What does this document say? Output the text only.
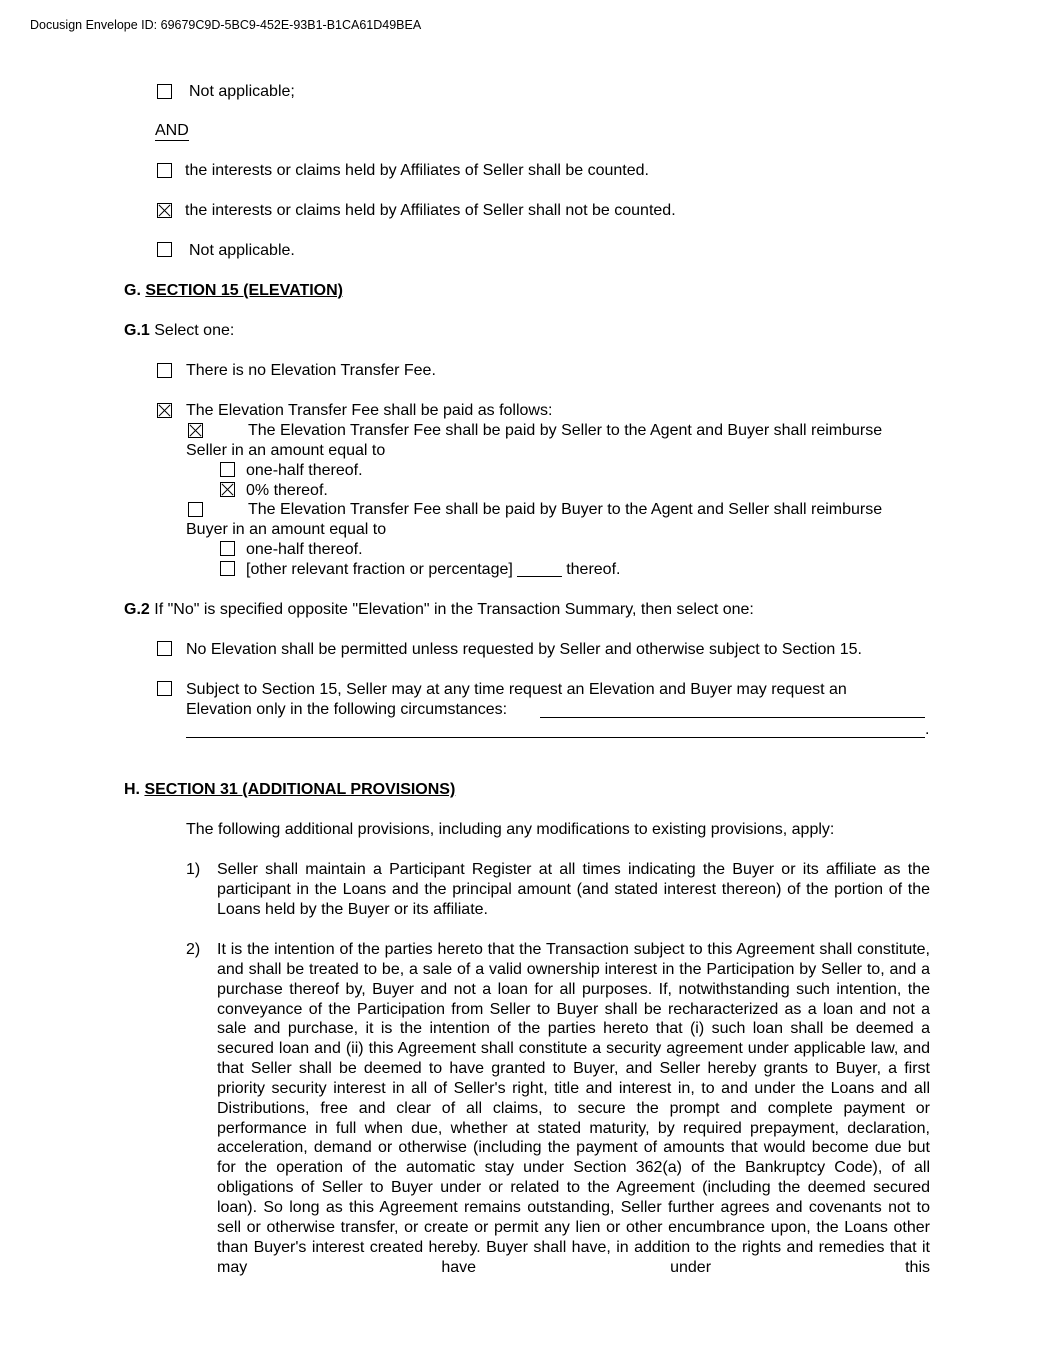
Docusign Envelope ID: 69679C9D-5BC9-452E-93B1-B1CA61D49BEA
Not applicable;
AND
the interests or claims held by Affiliates of Seller shall be counted.
the interests or claims held by Affiliates of Seller shall not be counted.
Not applicable.
G. SECTION 15 (ELEVATION)
G.1 Select one:
There is no Elevation Transfer Fee.
The Elevation Transfer Fee shall be paid as follows:
The Elevation Transfer Fee shall be paid by Seller to the Agent and Buyer shall reimburse
Seller in an amount equal to
one-half thereof.
0% thereof.
The Elevation Transfer Fee shall be paid by Buyer to the Agent and Seller shall reimburse
Buyer in an amount equal to
one-half thereof.
[other relevant fraction or percentage] _____ thereof.
G.2 If "No" is specified opposite "Elevation" in the Transaction Summary, then select one:
No Elevation shall be permitted unless requested by Seller and otherwise subject to Section 15.
Subject to Section 15, Seller may at any time request an Elevation and Buyer may request an
Elevation only in the following circumstances:
.
H. SECTION 31 (ADDITIONAL PROVISIONS)
The following additional provisions, including any modifications to existing provisions, apply:
1) Seller shall maintain a Participant Register at all times indicating the Buyer or its affiliate as the participant in the Loans and the principal amount (and stated interest thereon) of the portion of the Loans held by the Buyer or its affiliate.
2) It is the intention of the parties hereto that the Transaction subject to this Agreement shall constitute, and shall be treated to be, a sale of a valid ownership interest in the Participation by Seller to, and a purchase thereof by, Buyer and not a loan for all purposes. If, notwithstanding such intention, the conveyance of the Participation from Seller to Buyer shall be recharacterized as a loan and not a sale and purchase, it is the intention of the parties hereto that (i) such loan shall be deemed a secured loan and (ii) this Agreement shall constitute a security agreement under applicable law, and that Seller shall be deemed to have granted to Buyer, and Seller hereby grants to Buyer, a first priority security interest in all of Seller's right, title and interest in, to and under the Loans and all Distributions, free and clear of all claims, to secure the prompt and complete payment or performance in full when due, whether at stated maturity, by required prepayment, declaration, acceleration, demand or otherwise (including the payment of amounts that would become due but for the operation of the automatic stay under Section 362(a) of the Bankruptcy Code), of all obligations of Seller to Buyer under or related to the Agreement (including the deemed secured loan). So long as this Agreement remains outstanding, Seller further agrees and covenants not to sell or otherwise transfer, or create or permit any lien or other encumbrance upon, the Loans other than Buyer's interest created hereby. Buyer shall have, in addition to the rights and remedies that it may have under this
